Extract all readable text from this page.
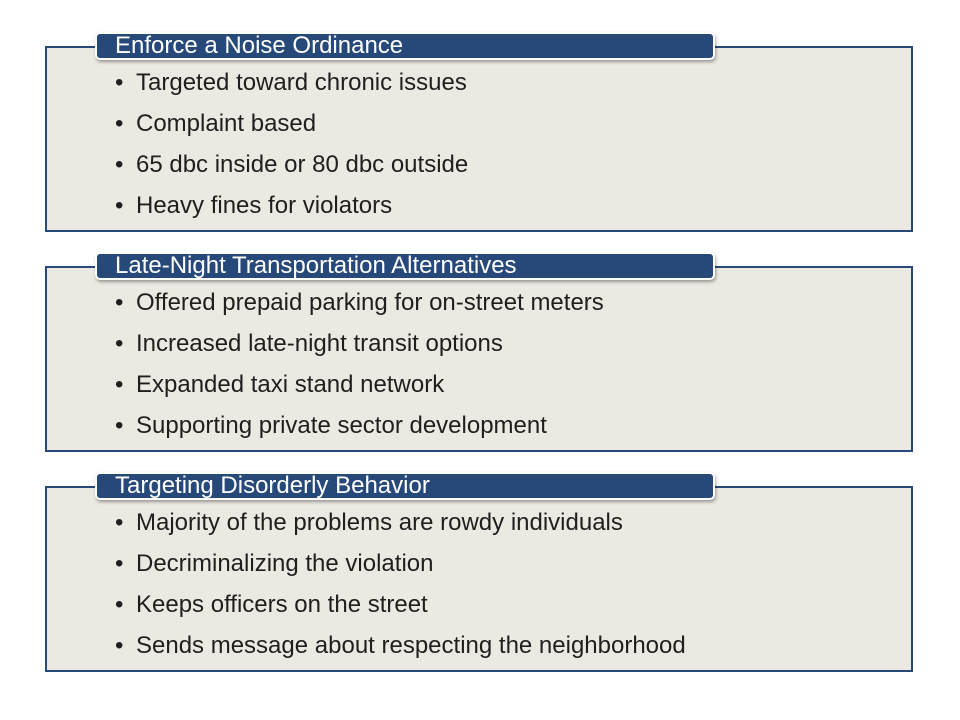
Enforce a Noise Ordinance
• Targeted toward chronic issues
• Complaint based
• 65 dbc inside or 80 dbc outside
• Heavy fines for violators
Late-Night Transportation Alternatives
• Offered prepaid parking for on-street meters
• Increased late-night transit options
• Expanded taxi stand network
• Supporting private sector development
Targeting Disorderly Behavior
• Majority of the problems are rowdy individuals
• Decriminalizing the violation
• Keeps officers on the street
• Sends message about respecting the neighborhood
